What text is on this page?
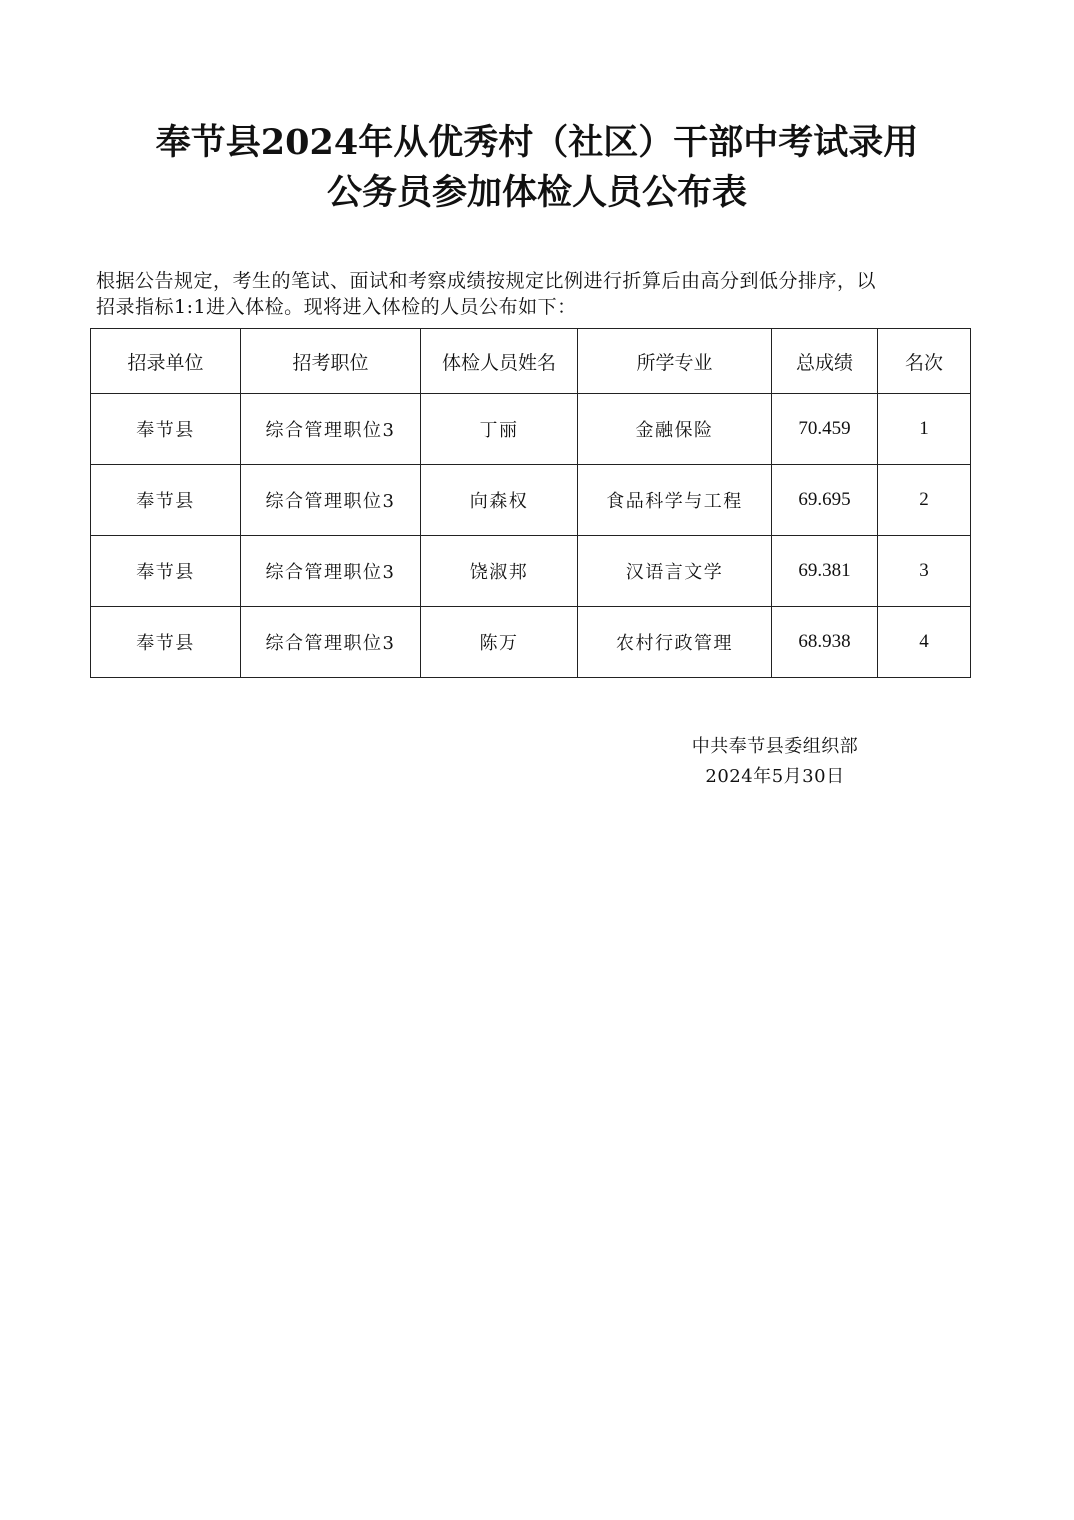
奉节县2024年从优秀村（社区）干部中考试录用
公务员参加体检人员公布表
根据公告规定，考生的笔试、面试和考察成绩按规定比例进行折算后由高分到低分排序，以
招录指标1:1进入体检。现将进入体检的人员公布如下：
招录单位	招考职位	体检人员姓名	所学专业	总成绩	名次
奉节县	综合管理职位3	丁丽	金融保险	70.459	1
奉节县	综合管理职位3	向森权	食品科学与工程	69.695	2
奉节县	综合管理职位3	饶淑邦	汉语言文学	69.381	3
奉节县	综合管理职位3	陈万	农村行政管理	68.938	4
中共奉节县委组织部
2024年5月30日
